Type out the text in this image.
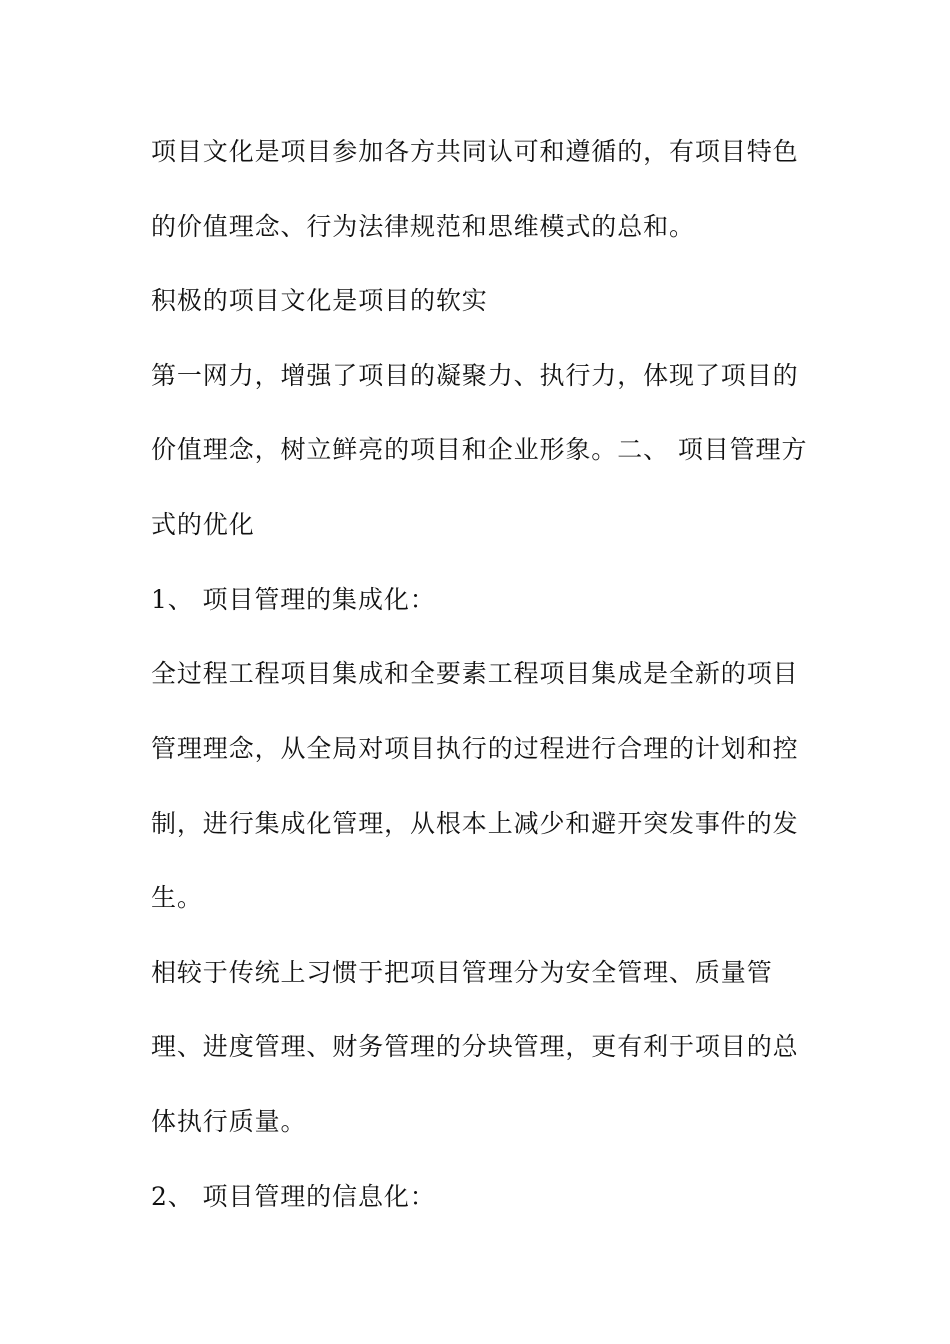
项目文化是项目参加各方共同认可和遵循的，有项目特色
的价值理念、行为法律规范和思维模式的总和。
积极的项目文化是项目的软实
第一网力，增强了项目的凝聚力、执行力，体现了项目的
价值理念，树立鲜亮的项目和企业形象。二、 项目管理方
式的优化
1、 项目管理的集成化：
全过程工程项目集成和全要素工程项目集成是全新的项目
管理理念，从全局对项目执行的过程进行合理的计划和控
制，进行集成化管理，从根本上减少和避开突发事件的发
生。
相较于传统上习惯于把项目管理分为安全管理、质量管
理、进度管理、财务管理的分块管理，更有利于项目的总
体执行质量。
2、 项目管理的信息化：
